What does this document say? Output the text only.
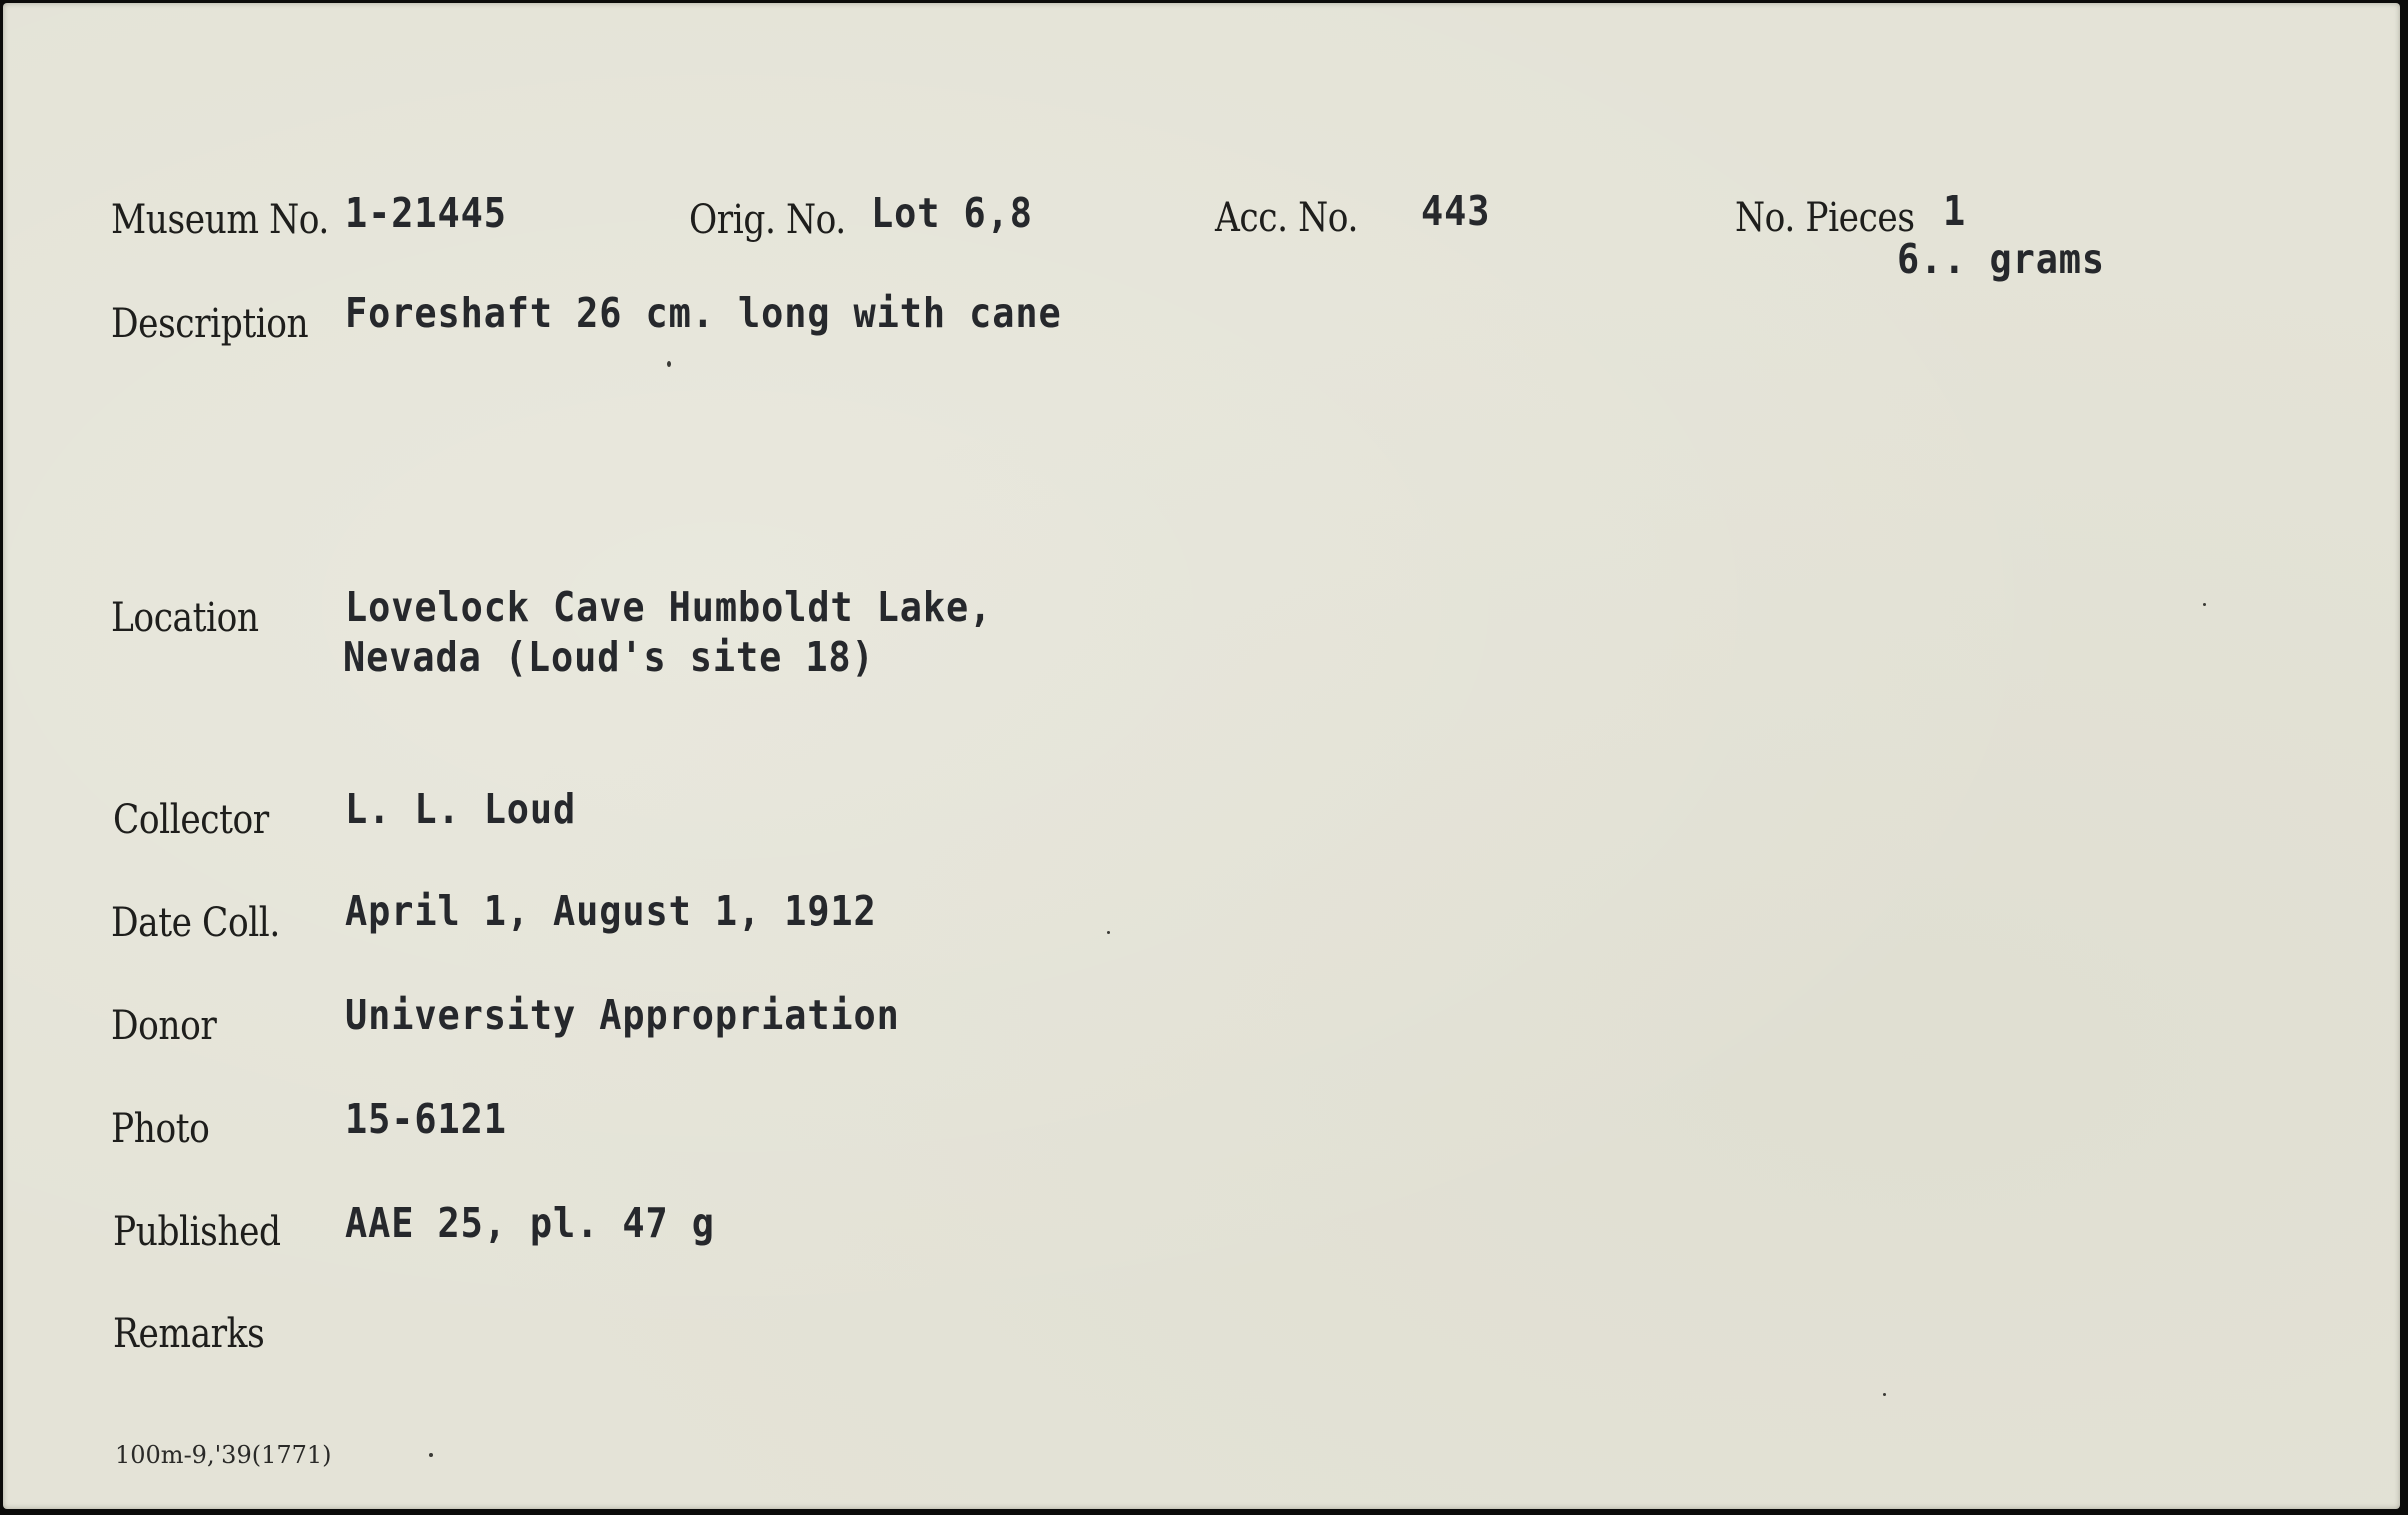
Museum No. 1-21445	Orig. No. Lot 6,8	Acc. No. 443	No. Pieces 1
6.. grams
Description Foreshaft 26 cm. long with cane
Location Lovelock Cave Humboldt Lake,
Nevada (Loud's site 18)
Collector L. L. Loud
Date Coll. April 1, August 1, 1912
Donor	University Appropriation
Photo	15-6121
Published AAE 25, pl. 47 g
Remarks
100m-9,'39(1771)
